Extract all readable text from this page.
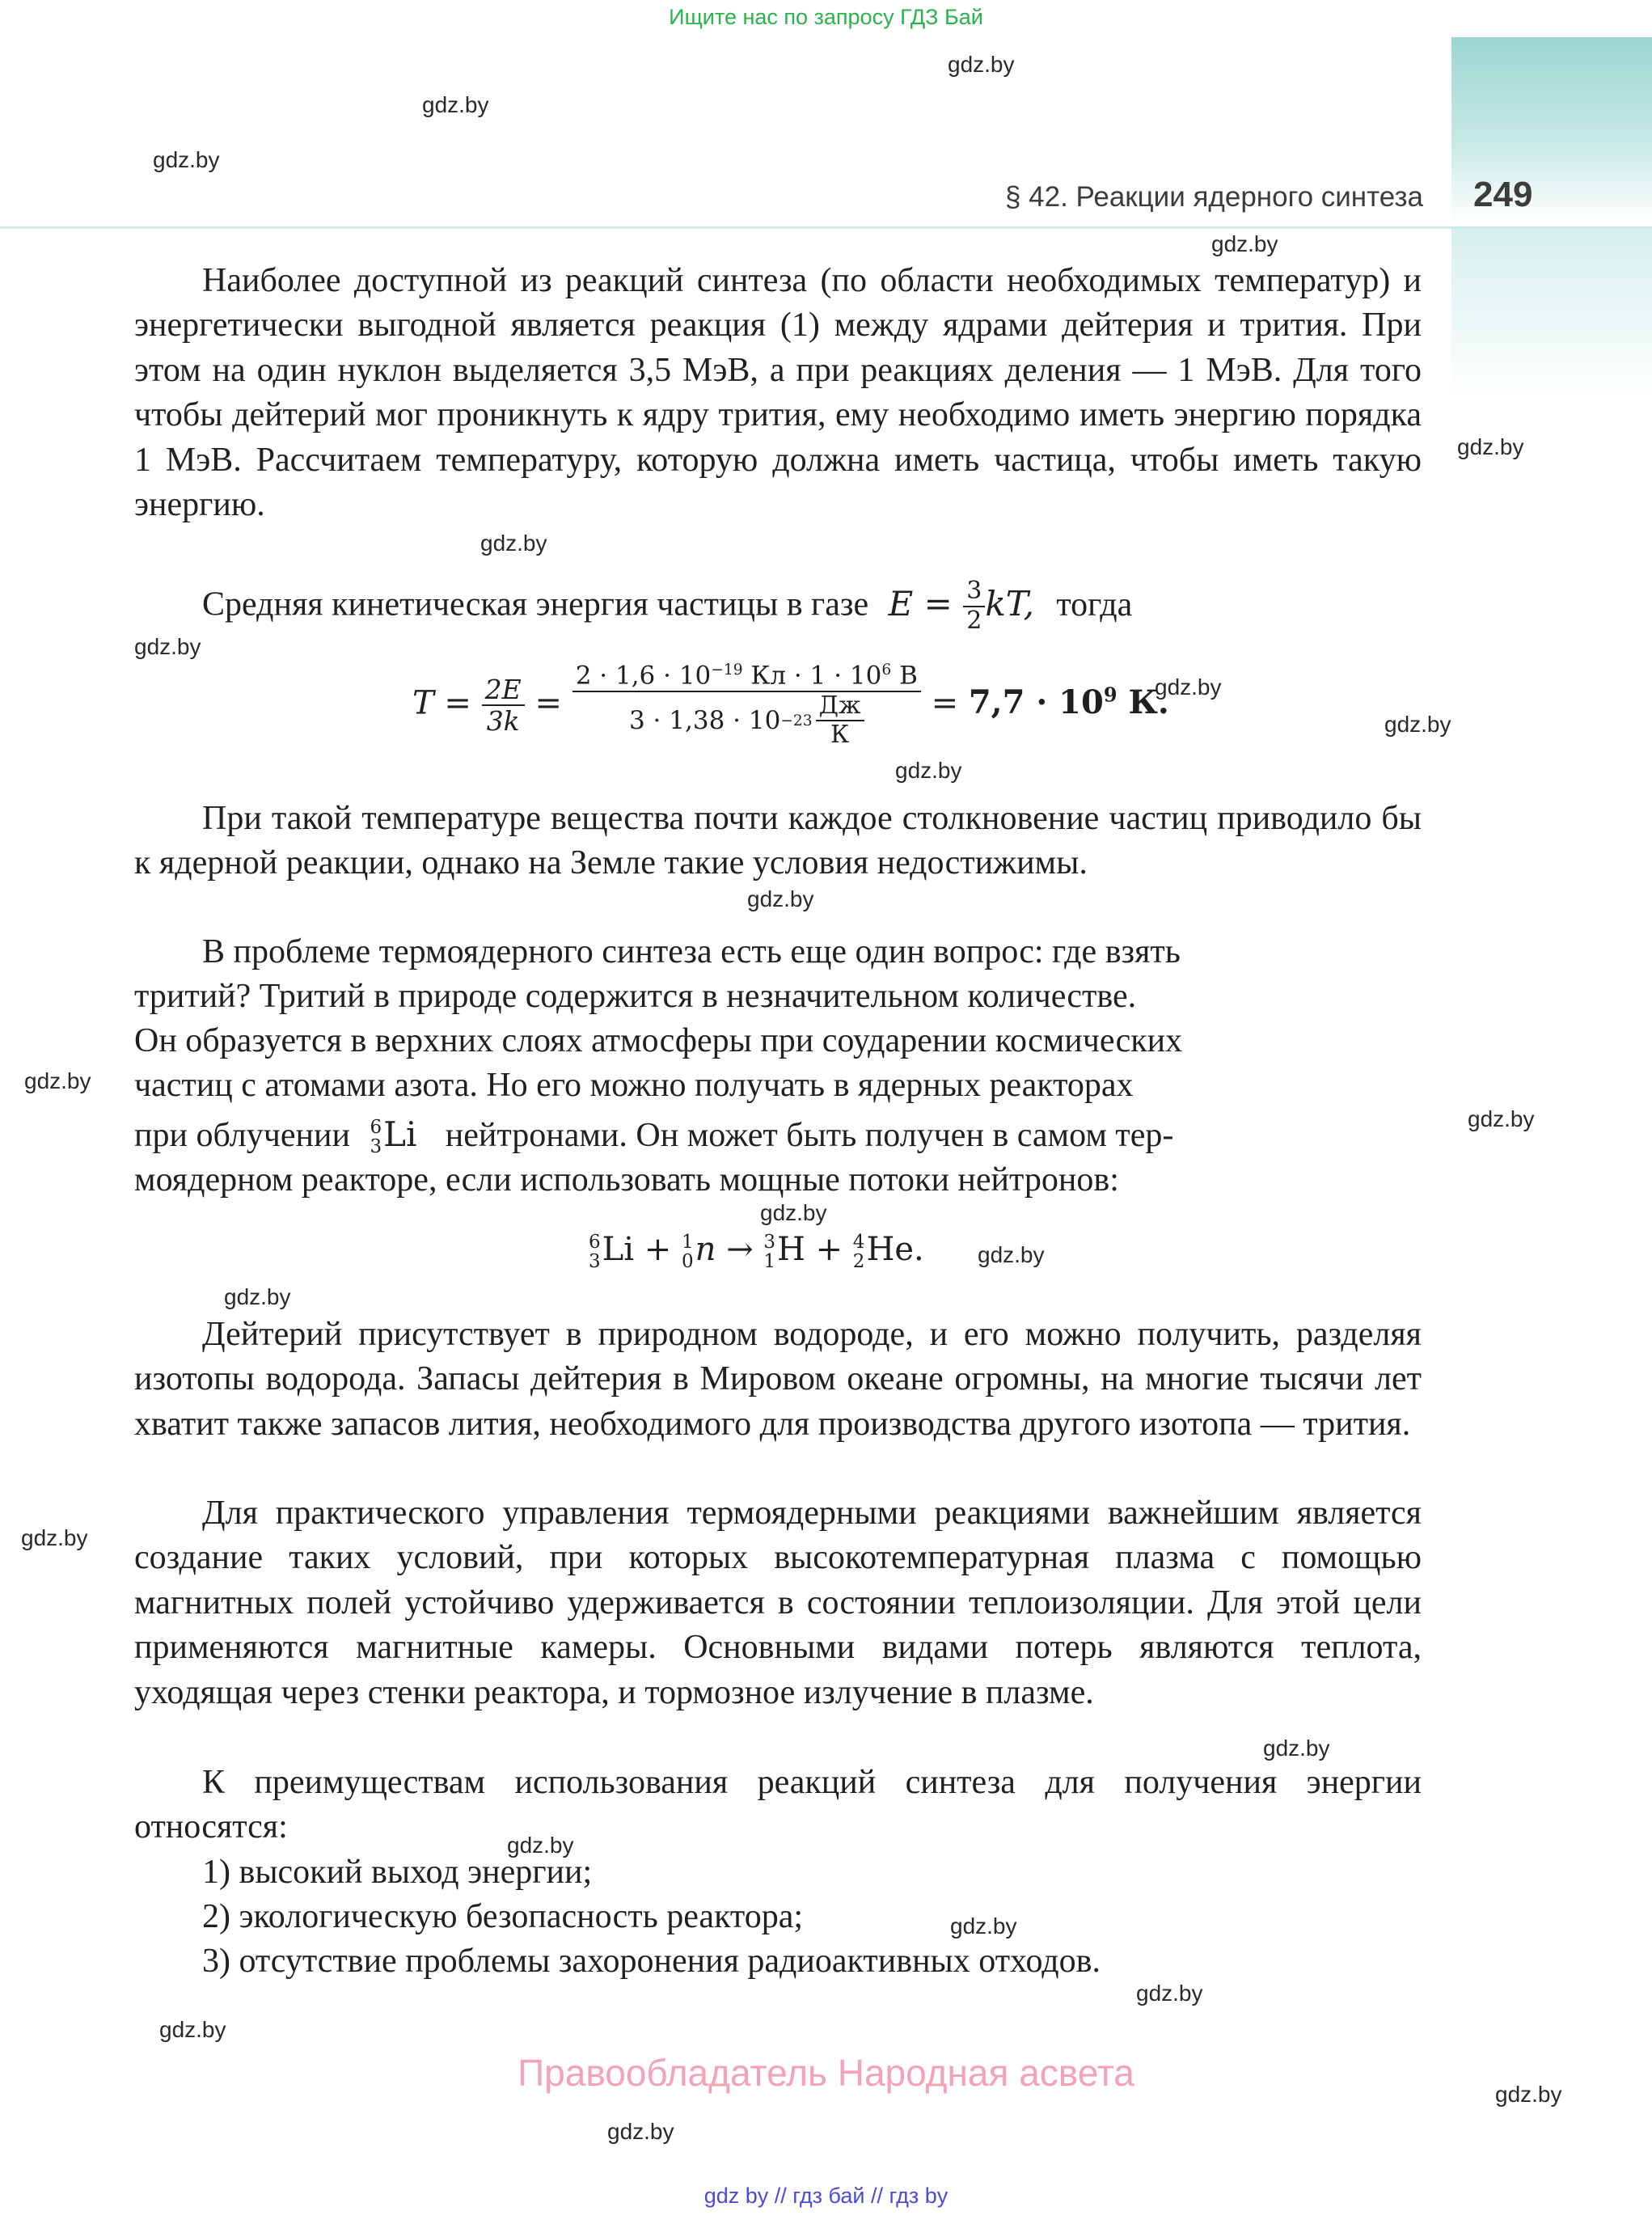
Ищите нас по запросу ГДЗ Бай
§ 42. Реакции ядерного синтеза 249

Наиболее доступной из реакций синтеза (по области необходимых температур) и энергетически выгодной является реакция (1) между ядрами дейтерия и трития. При этом на один нуклон выделяется 3,5 МэВ, а при реакциях деления — 1 МэВ. Для того чтобы дейтерий мог проникнуть к ядру трития, ему необходимо иметь энергию порядка 1 МэВ. Рассчитаем температуру, которую должна иметь частица, чтобы иметь такую энергию.

Средняя кинетическая энергия частицы в газе $E = \frac{3}{2}$ kT, тогда
$T = \frac{2E}{3k} = \frac{2 \cdot 1,6 \cdot 10^{-19} Кл \cdot 1 \cdot 10^6 В}{3 \cdot 1,38 \cdot 10 -23 \frac{Дж}{К}} = 7,7 \cdot 10^9$ К.

При такой температуре вещества почти каждое столкновение частиц приводило бы к ядерной реакции, однако на Земле такие условия недостижимы.

В проблеме термоядерного синтеза есть еще один вопрос: где взять
тритий? Тритий в природе содержится в незначительном количестве.
Он образуется в верхних слоях атмосферы при соударении космических
частиц с атомами азота. Но его можно получать в ядерных реакторах
при облучении 6
3 Li нейтронами. Он может быть получен в самом тер-
моядерном реакторе, если использовать мощные потоки нейтронов:
6
3 Li + 1
0 n → 3
1 H + 4
2 He.

Дейтерий присутствует в природном водороде, и его можно получить, разделяя изотопы водорода. Запасы дейтерия в Мировом океане огромны, на многие тысячи лет хватит также запасов лития, необходимого для производства другого изотопа — трития.

Для практического управления термоядерными реакциями важнейшим является создание таких условий, при которых высокотемпературная плазма с помощью магнитных полей устойчиво удерживается в состоянии теплоизоляции. Для этой цели применяются магнитные камеры. Основными видами потерь являются теплота, уходящая через стенки реактора, и тормозное излучение в плазме.

К преимуществам использования реакций синтеза для получения энергии относятся:

1) высокий выход энергии;
2) экологическую безопасность реактора;
3) отсутствие проблемы захоронения радиоактивных отходов.
gdz.by
gdz.by
gdz.by
gdz.by
gdz.by
gdz.by
gdz.by
gdz.by
gdz.by
gdz.by
gdz.by
gdz.by
gdz.by
gdz.by
gdz.by
gdz.by
gdz.by
gdz.by
gdz.by
gdz.by
gdz.by
gdz.by
gdz.by
gdz.by
Правообладатель Народная асвета
gdz by // гдз бай // гдз by
